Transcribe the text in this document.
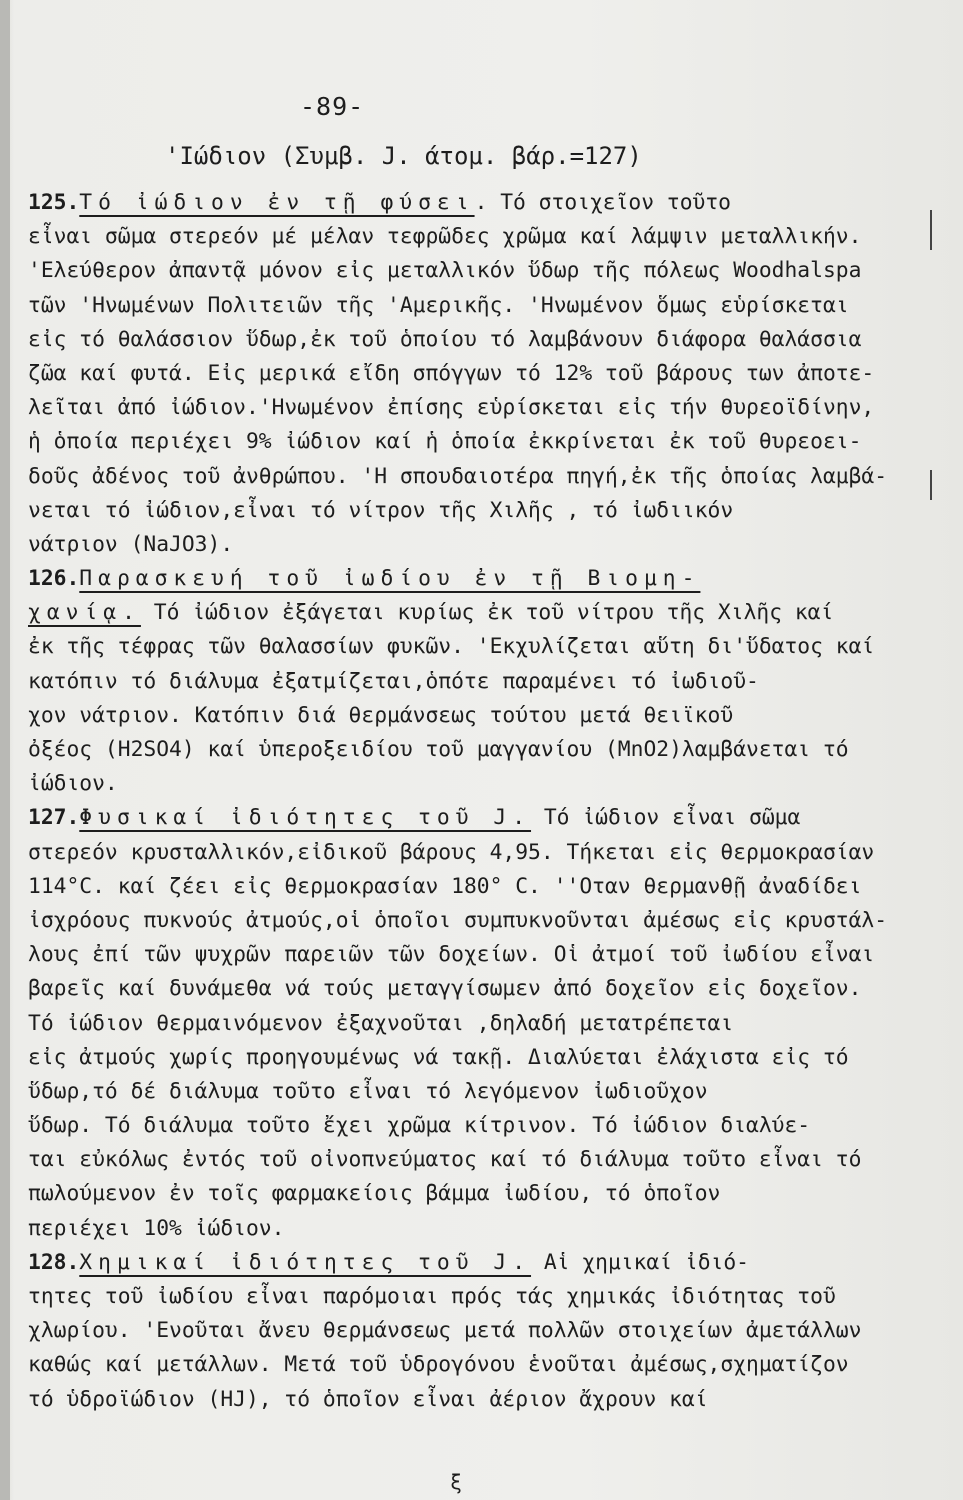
-89-
'Ιώδιον (Συμβ. J. άτομ. βάρ.=127)
125.Τό ἰώδιον ἐν τῇ φύσει. Τό στοιχεῖον τοῦτο
εἶναι σῶμα στερεόν μέ μέλαν τεφρῶδες χρῶμα καί λάμψιν μεταλλικήν.
'Ελεύθερον ἀπαντᾷ μόνον εἰς μεταλλικόν ὕδωρ τῆς πόλεως Woodhalspa
τῶν 'Ηνωμένων Πολιτειῶν τῆς 'Αμερικῆς. 'Ηνωμένον ὅμως εὑρίσκεται
εἰς τό θαλάσσιον ὕδωρ,ἐκ τοῦ ὁποίου τό λαμβάνουν διάφορα θαλάσσια
ζῶα καί φυτά. Εἰς μερικά εἴδη σπόγγων τό 12% τοῦ βάρους των ἀποτε-
λεῖται ἀπό ἰώδιον.'Ηνωμένον ἐπίσης εὑρίσκεται εἰς τήν θυρεοϊδίνην,
ἡ ὁποία περιέχει 9% ἰώδιον καί ἡ ὁποία ἐκκρίνεται ἐκ τοῦ θυρεοει-
δοῦς ἀδένος τοῦ ἀνθρώπου. 'Η σπουδαιοτέρα πηγή,ἐκ τῆς ὁποίας λαμβά-
νεται τό ἰώδιον,εἶναι τό νίτρον τῆς Χιλῆς , τό ἰωδιικόν
νάτριον (NaJO3).
126.Παρασκευή τοῦ ἰωδίου ἐν τῇ Βιομη-
χανίᾳ. Τό ἰώδιον ἐξάγεται κυρίως ἐκ τοῦ νίτρου τῆς Χιλῆς καί
ἐκ τῆς τέφρας τῶν θαλασσίων φυκῶν. 'Εκχυλίζεται αὕτη δι'ὕδατος καί
κατόπιν τό διάλυμα ἐξατμίζεται,ὁπότε παραμένει τό ἰωδιοῦ-
χον νάτριον. Κατόπιν διά θερμάνσεως τούτου μετά θειϊκοῦ
ὀξέος (H2SO4) καί ὑπεροξειδίου τοῦ μαγγανίου (MnO2)λαμβάνεται τό
ἰώδιον.
127.Φυσικαί ἰδιότητες τοῦ J. Τό ἰώδιον εἶναι σῶμα
στερεόν κρυσταλλικόν,εἰδικοῦ βάρους 4,95. Τήκεται εἰς θερμοκρασίαν
114°C. καί ζέει εἰς θερμοκρασίαν 180° C. ''Οταν θερμανθῇ ἀναδίδει
ἰσχρόους πυκνούς ἀτμούς,οἱ ὁποῖοι συμπυκνοῦνται ἀμέσως εἰς κρυστάλ-
λους ἐπί τῶν ψυχρῶν παρειῶν τῶν δοχείων. Οἱ ἀτμοί τοῦ ἰωδίου εἶναι
βαρεῖς καί δυνάμεθα νά τούς μεταγγίσωμεν ἀπό δοχεῖον εἰς δοχεῖον.
Τό ἰώδιον θερμαινόμενον ἐξαχνοῦται ,δηλαδή μετατρέπεται
εἰς ἀτμούς χωρίς προηγουμένως νά τακῇ. Διαλύεται ἐλάχιστα εἰς τό
ὕδωρ,τό δέ διάλυμα τοῦτο εἶναι τό λεγόμενον ἰωδιοῦχον
ὕδωρ. Τό διάλυμα τοῦτο ἔχει χρῶμα κίτρινον. Τό ἰώδιον διαλύε-
ται εὐκόλως ἐντός τοῦ οἰνοπνεύματος καί τό διάλυμα τοῦτο εἶναι τό
πωλούμενον ἐν τοῖς φαρμακείοις βάμμα ἰωδίου, τό ὁποῖον
περιέχει 10% ἰώδιον.
128.Χημικαί ἰδιότητες τοῦ J. Αἱ χημικαί ἰδιό-
τητες τοῦ ἰωδίου εἶναι παρόμοιαι πρός τάς χημικάς ἰδιότητας τοῦ
χλωρίου. 'Ενοῦται ἄνευ θερμάνσεως μετά πολλῶν στοιχείων ἀμετάλλων
καθώς καί μετάλλων. Μετά τοῦ ὑδρογόνου ἑνοῦται ἀμέσως,σχηματίζον
τό ὑδροϊώδιον (HJ), τό ὁποῖον εἶναι ἀέριον ἄχρουν καί
ξ
